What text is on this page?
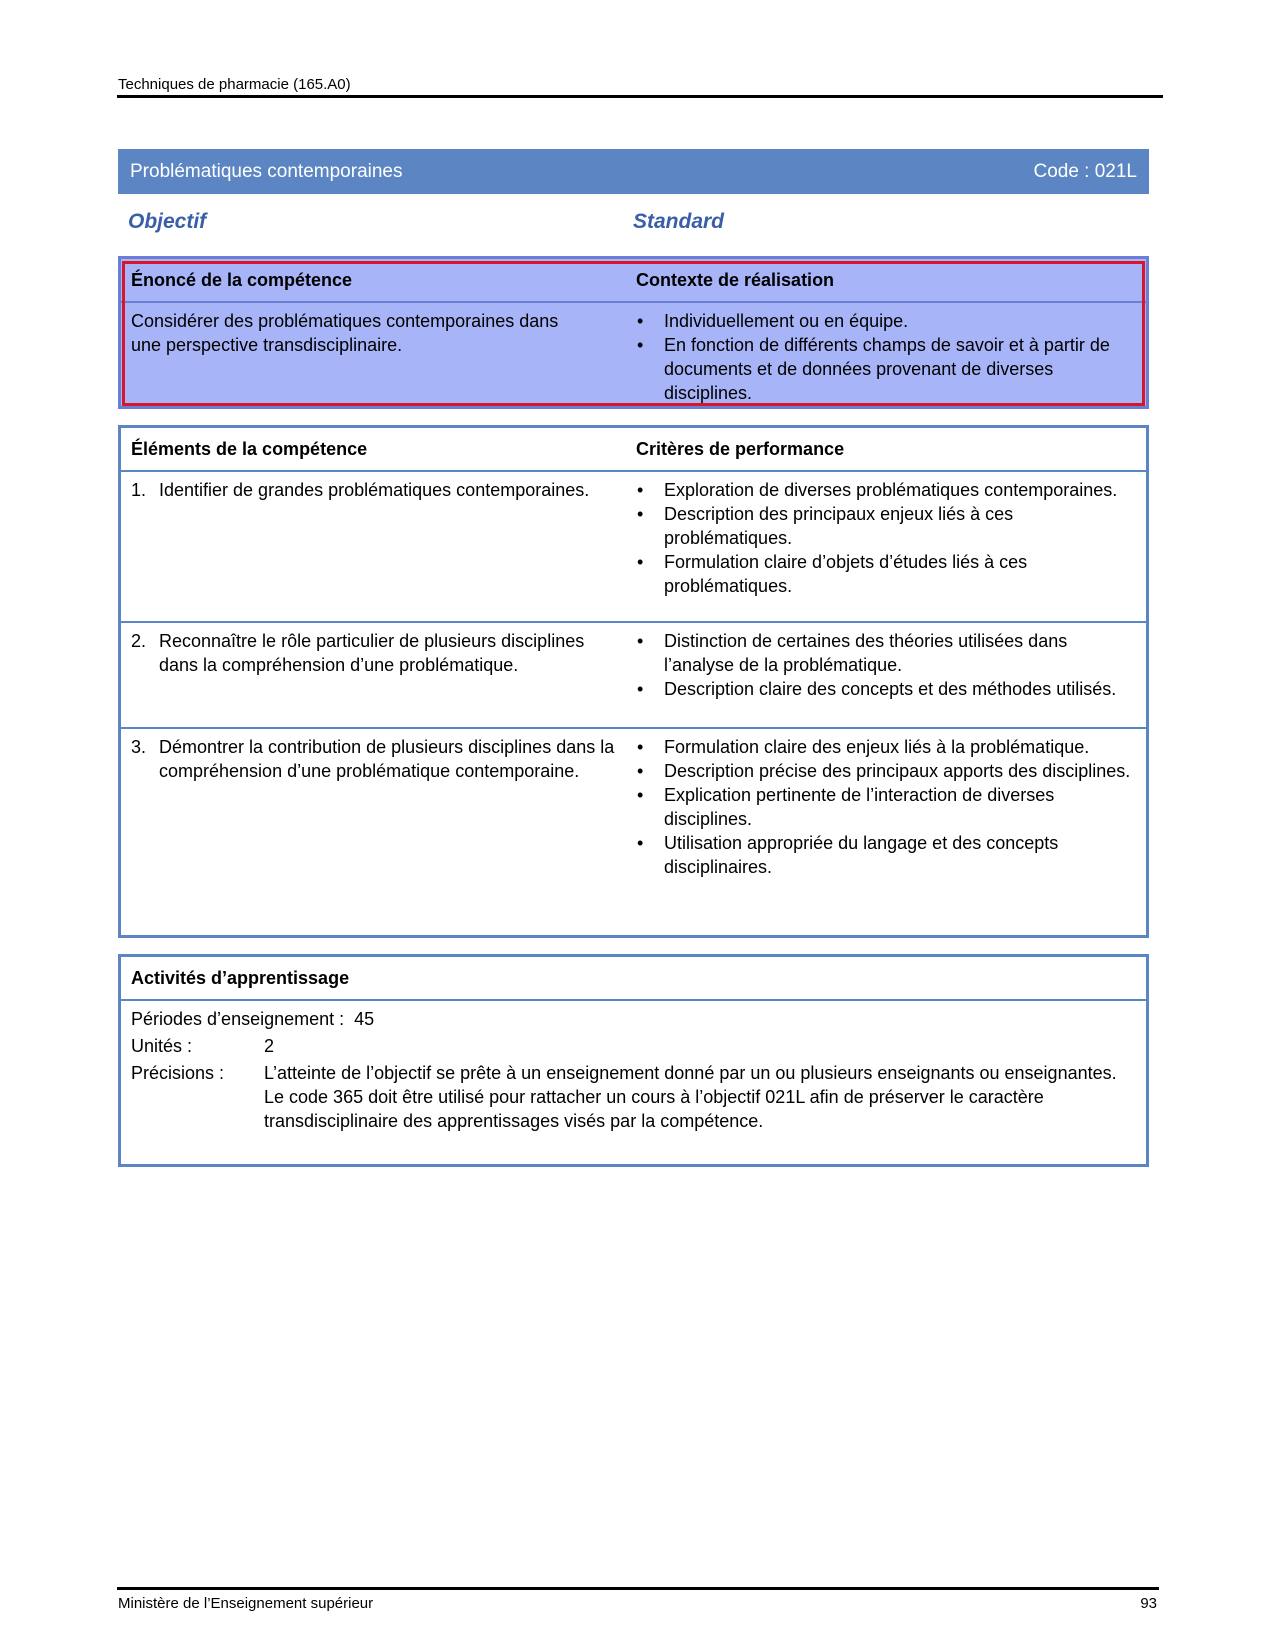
Techniques de pharmacie (165.A0)
Problématiques contemporaines	Code : 021L
Objectif	Standard
Énoncé de la compétence	Contexte de réalisation
Considérer des problématiques contemporaines dans une perspective transdisciplinaire.
• Individuellement ou en équipe.
• En fonction de différents champs de savoir et à partir de documents et de données provenant de diverses disciplines.
Éléments de la compétence	Critères de performance
1. Identifier de grandes problématiques contemporaines.
•	Exploration de diverses problématiques contemporaines.
• Description des principaux enjeux liés à ces problématiques.
• Formulation claire d’objets d’études liés à ces problématiques.
2. Reconnaître le rôle particulier de plusieurs disciplines dans la compréhension d’une problématique.
• Distinction de certaines des théories utilisées dans l’analyse de la problématique.
• Description claire des concepts et des méthodes utilisés.
3. Démontrer la contribution de plusieurs disciplines dans la compréhension d’une problématique contemporaine.
• Formulation claire des enjeux liés à la problématique.
• Description précise des principaux apports des disciplines.
• Explication pertinente de l’interaction de diverses disciplines.
• Utilisation appropriée du langage et des concepts disciplinaires.
Activités d’apprentissage
Périodes d’enseignement : 45
Unités :	2
Précisions :	L’atteinte de l’objectif se prête à un enseignement donné par un ou plusieurs enseignants ou enseignantes.
Le code 365 doit être utilisé pour rattacher un cours à l’objectif 021L afin de préserver le caractère transdisciplinaire des apprentissages visés par la compétence.
Ministère de l’Enseignement supérieur	93
